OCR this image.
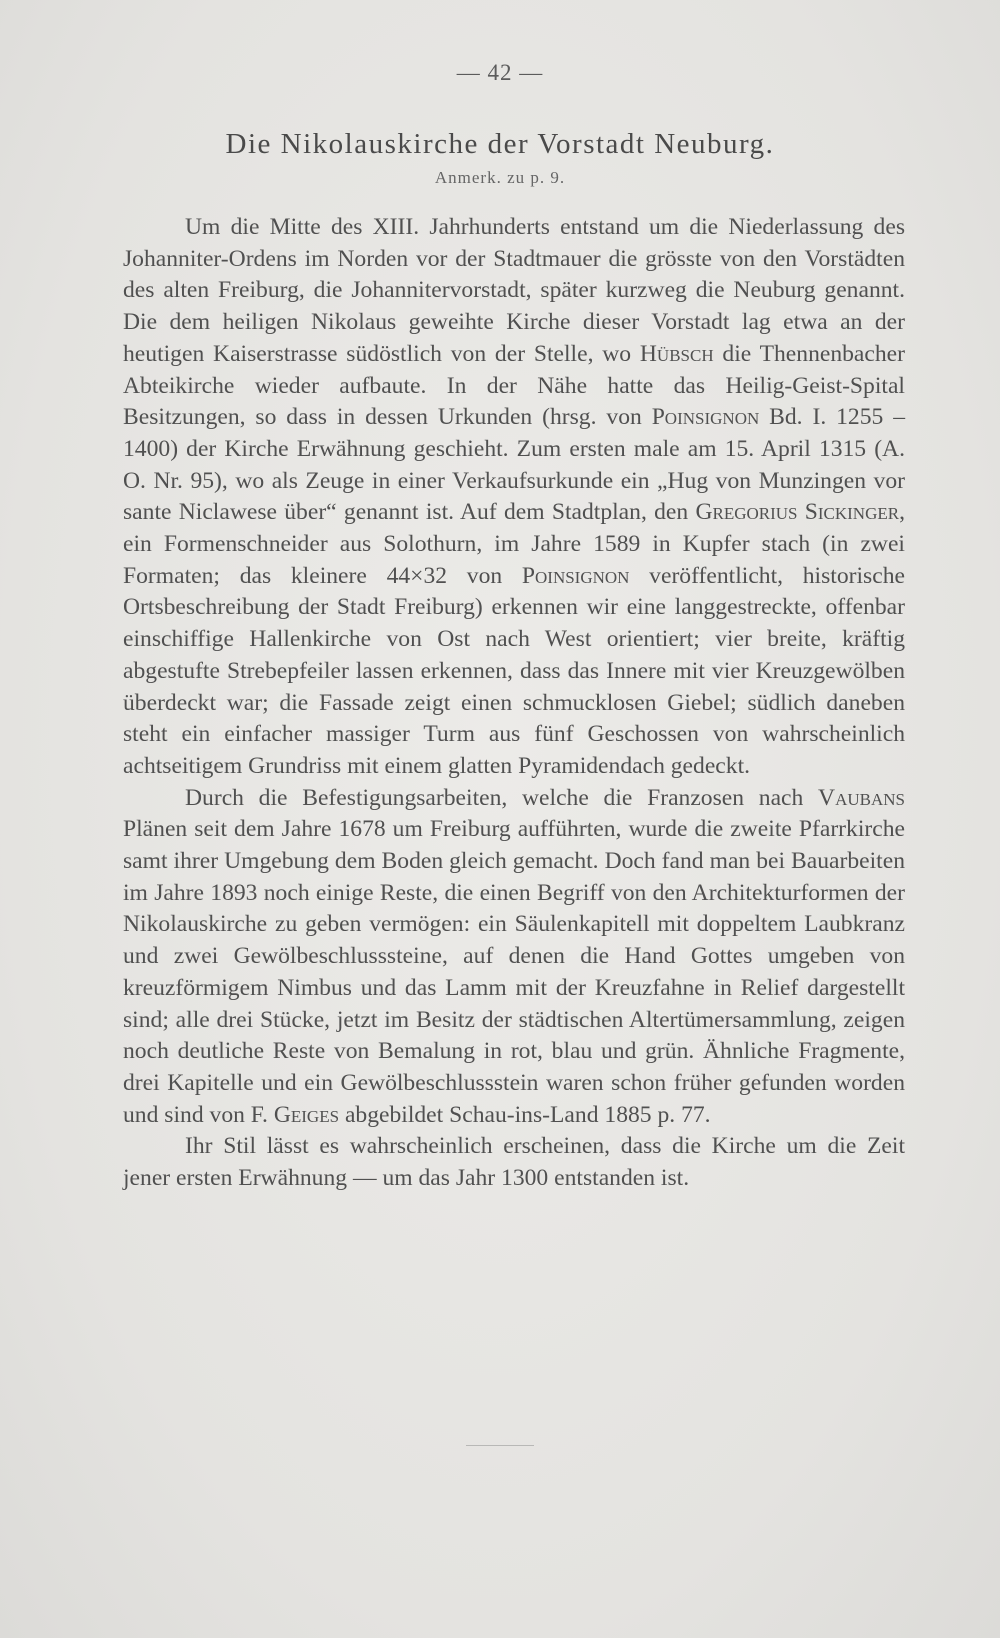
— 42 —
Die Nikolauskirche der Vorstadt Neuburg.
Anmerk. zu p. 9.

Um die Mitte des XIII. Jahrhunderts entstand um die Niederlassung des Johanniter-Ordens im Norden vor der Stadtmauer die grösste von den Vorstädten des alten Freiburg, die Johannitervorstadt, später kurzweg die Neuburg genannt. Die dem heiligen Nikolaus geweihte Kirche dieser Vorstadt lag etwa an der heutigen Kaiserstrasse südöstlich von der Stelle, wo Hübsch die Thennenbacher Abteikirche wieder aufbaute. In der Nähe hatte das Heilig-Geist-Spital Besitzungen, so dass in dessen Urkunden (hrsg. von Poinsignon Bd. I. 1255 – 1400) der Kirche Erwähnung geschieht. Zum ersten male am 15. April 1315 (A. O. Nr. 95), wo als Zeuge in einer Verkaufsurkunde ein „Hug von Munzingen vor sante Niclawese über“ genannt ist. Auf dem Stadtplan, den Gregorius Sickinger, ein Formenschneider aus Solothurn, im Jahre 1589 in Kupfer stach (in zwei Formaten; das kleinere 44×32 von Poinsignon veröffentlicht, historische Ortsbeschreibung der Stadt Freiburg) erkennen wir eine langgestreckte, offenbar einschiffige Hallenkirche von Ost nach West orientiert; vier breite, kräftig abgestufte Strebepfeiler lassen erkennen, dass das Innere mit vier Kreuzgewölben überdeckt war; die Fassade zeigt einen schmucklosen Giebel; südlich daneben steht ein einfacher massiger Turm aus fünf Geschossen von wahrscheinlich achtseitigem Grundriss mit einem glatten Pyramidendach gedeckt.

Durch die Befestigungsarbeiten, welche die Franzosen nach Vaubans Plänen seit dem Jahre 1678 um Freiburg aufführten, wurde die zweite Pfarrkirche samt ihrer Umgebung dem Boden gleich gemacht. Doch fand man bei Bauarbeiten im Jahre 1893 noch einige Reste, die einen Begriff von den Architekturformen der Nikolauskirche zu geben vermögen: ein Säulenkapitell mit doppeltem Laubkranz und zwei Gewölbeschlusssteine, auf denen die Hand Gottes umgeben von kreuzförmigem Nimbus und das Lamm mit der Kreuzfahne in Relief dargestellt sind; alle drei Stücke, jetzt im Besitz der städtischen Altertümersammlung, zeigen noch deutliche Reste von Bemalung in rot, blau und grün. Ähnliche Fragmente, drei Kapitelle und ein Gewölbeschlussstein waren schon früher gefunden worden und sind von F. Geiges abgebildet Schau-ins-Land 1885 p. 77.

Ihr Stil lässt es wahrscheinlich erscheinen, dass die Kirche um die Zeit jener ersten Erwähnung — um das Jahr 1300 entstanden ist.
